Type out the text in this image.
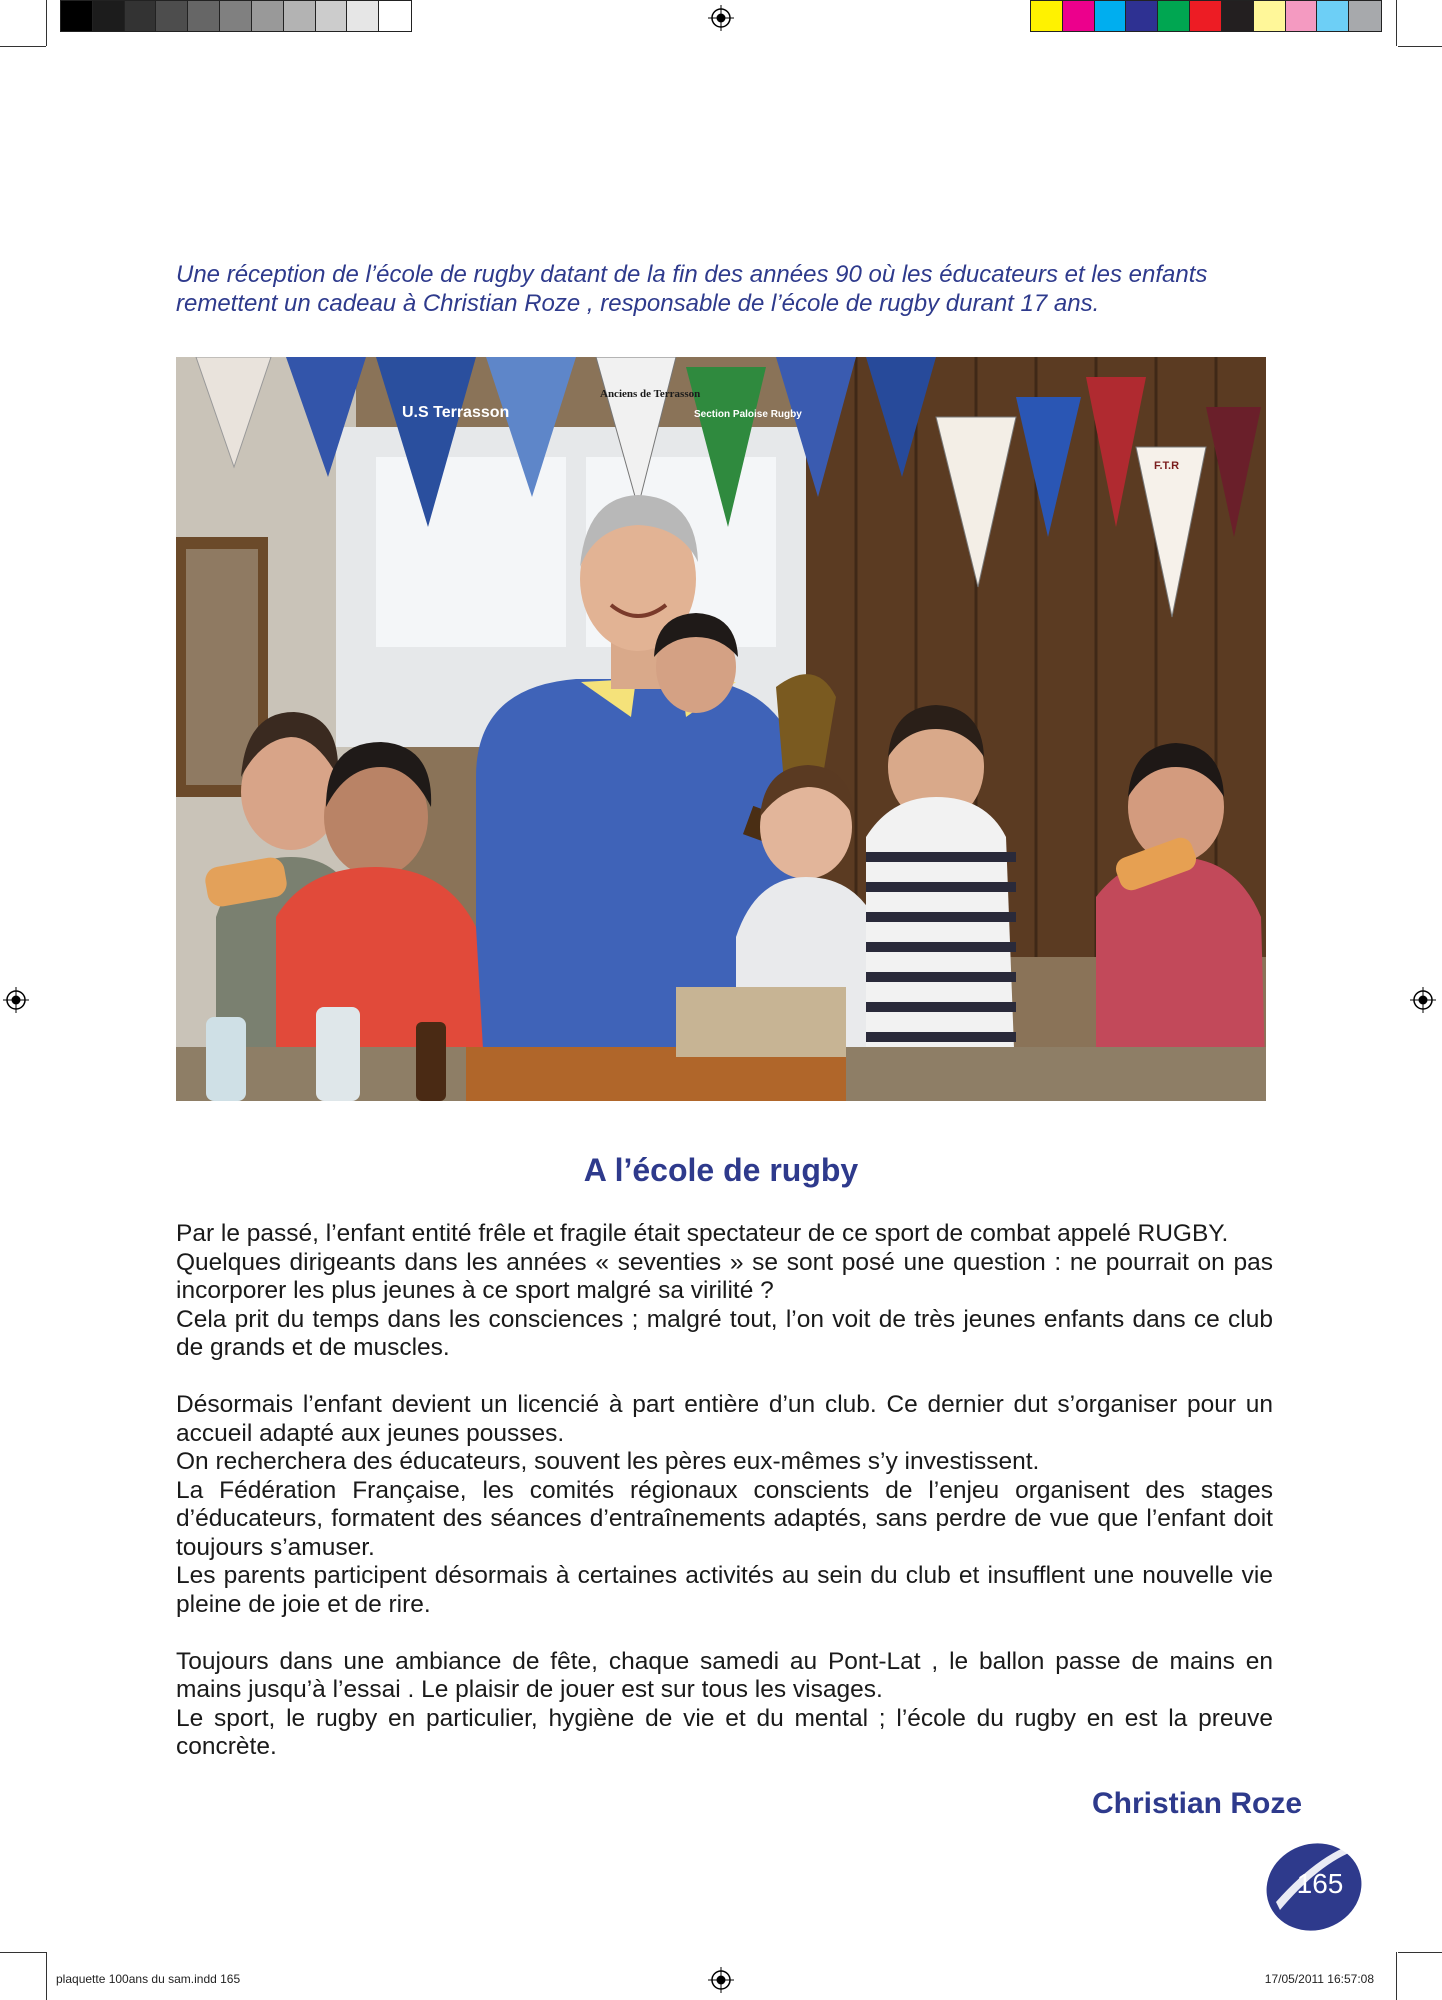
Une réception de l’école de rugby datant de la fin des années 90 où les éducateurs et les enfants remettent un cadeau à Christian Roze , responsable de l’école de rugby durant 17 ans.
U.S Terrasson
Anciens de Terrasson
Section Paloise Rugby
F.T.R
A l’école de rugby

Par le passé, l’enfant entité frêle et fragile était spectateur de ce sport de combat appelé RUGBY.

Quelques dirigeants dans les années « seventies » se sont posé une question : ne pourrait on pas incorporer les plus jeunes à ce sport malgré sa virilité ?

Cela prit du temps dans les consciences ; malgré tout, l’on voit de très jeunes enfants dans ce club de grands et de muscles.

Désormais l’enfant devient un licencié à part entière d’un club. Ce dernier dut s’organiser pour un accueil adapté aux jeunes pousses.

On recherchera des éducateurs, souvent les pères eux-mêmes s’y investissent.

La Fédération Française, les comités régionaux conscients de l’enjeu organisent des stages d’éducateurs, formatent des séances d’entraînements adaptés, sans perdre de vue que l’enfant doit toujours s’amuser.

Les parents participent désormais à certaines activités au sein du club et insufflent une nouvelle vie pleine de joie et de rire.

Toujours dans une ambiance de fête, chaque samedi au Pont-Lat , le ballon passe de mains en mains jusqu’à l’essai . Le plaisir de jouer est sur tous les visages.

Le sport, le rugby en particulier, hygiène de vie et du mental ; l’école du rugby en est la preuve concrète.

Christian Roze
165
plaquette 100ans du sam.indd 165	17/05/2011 16:57:08
